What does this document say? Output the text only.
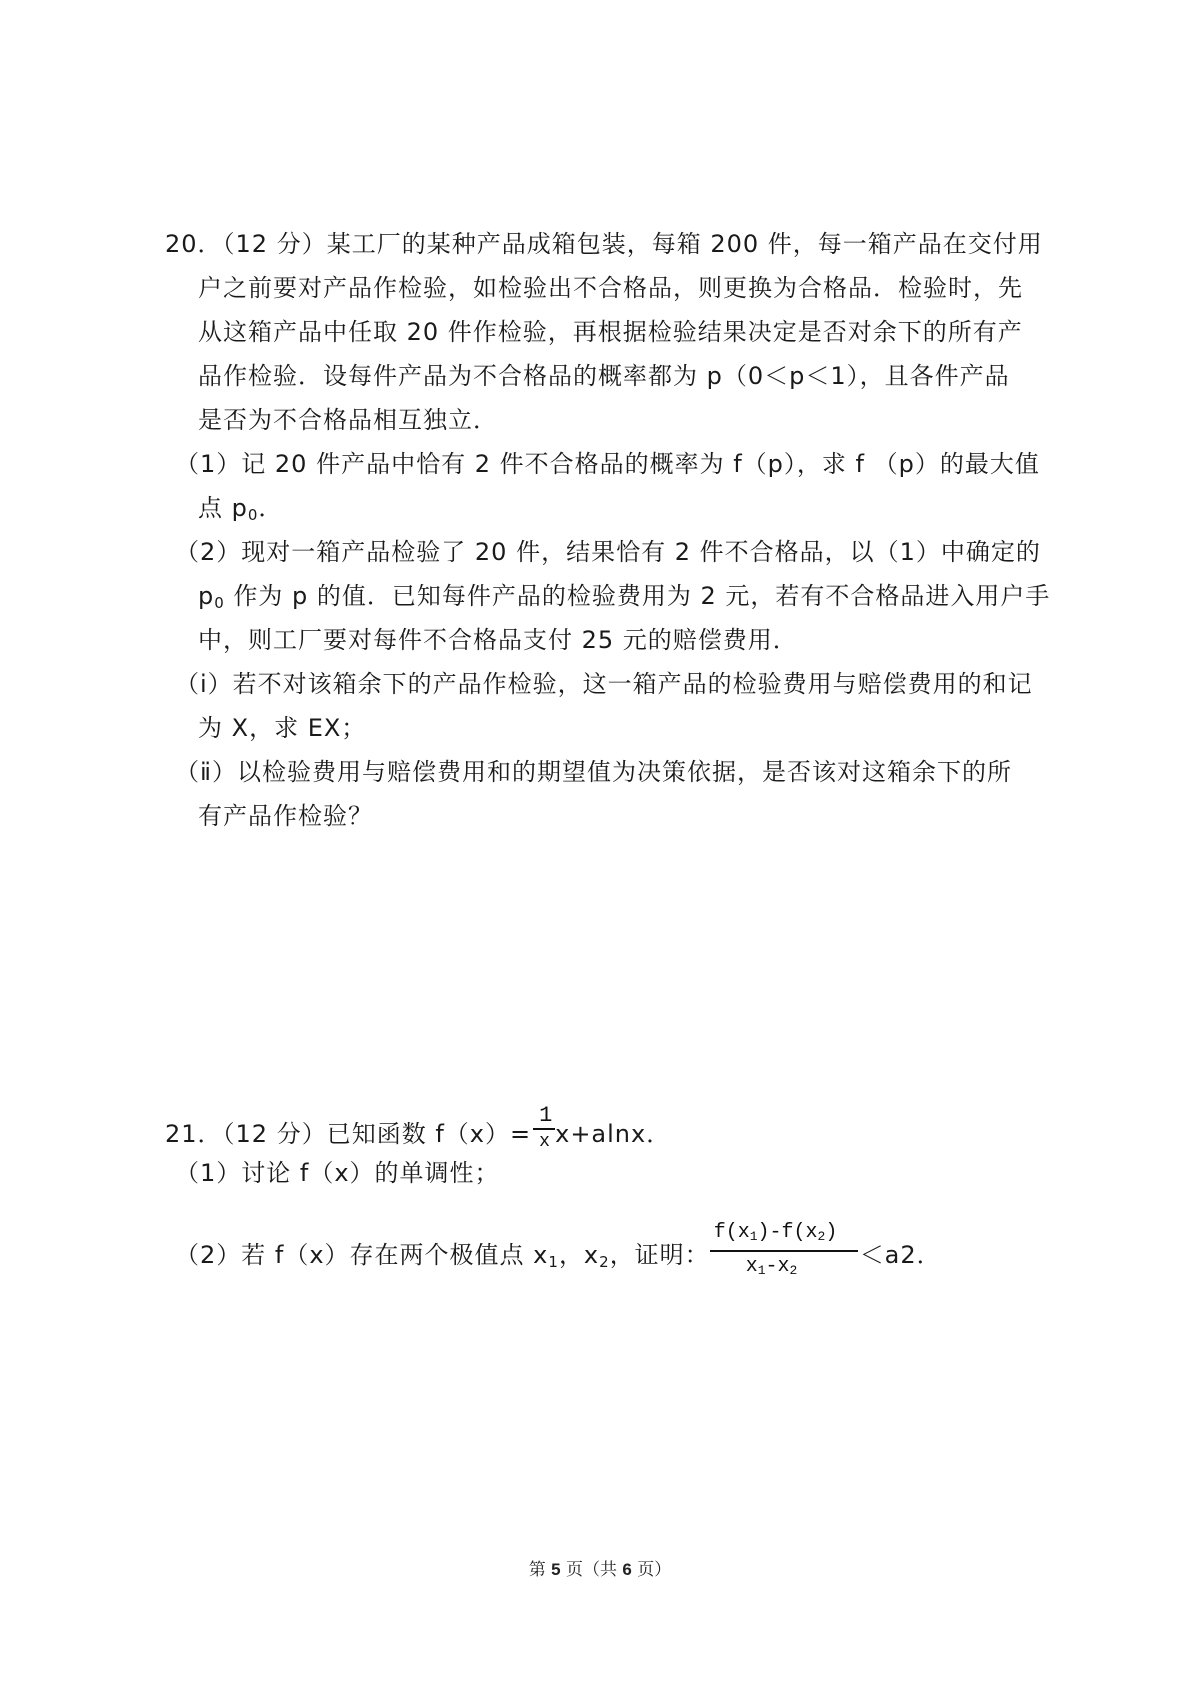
20．（12 分）某工厂的某种产品成箱包装，每箱 200 件，每一箱产品在交付用
户之前要对产品作检验，如检验出不合格品，则更换为合格品．检验时，先
从这箱产品中任取 20 件作检验，再根据检验结果决定是否对余下的所有产
品作检验．设每件产品为不合格品的概率都为 p（0＜p＜1），且各件产品
是否为不合格品相互独立．
（1）记 20 件产品中恰有 2 件不合格品的概率为 f（p），求 f （p）的最大值
点 $p_0$．
（2）现对一箱产品检验了 20 件，结果恰有 2 件不合格品，以（1）中确定的
$p_0$ 作为 p 的值．已知每件产品的检验费用为 2 元，若有不合格品进入用户手
中，则工厂要对每件不合格品支付 25 元的赔偿费用．
（i）若不对该箱余下的产品作检验，这一箱产品的检验费用与赔偿费用的和记
为 X，求 EX；
（ⅱ）以检验费用与赔偿费用和的期望值为决策依据，是否该对这箱余下的所
有产品作检验？
21．（12 分）已知函数 $f(x)= \frac{1}{x} x+alnx$．
（1）讨论 f（x）的单调性；
（2）若 f（x）存在两个极值点 $x_1$，$x_2$，证明： $\frac{f(x_1)-f(x_2)}{x_1-x_2} <a2$．
第 5 页（共 6 页）
